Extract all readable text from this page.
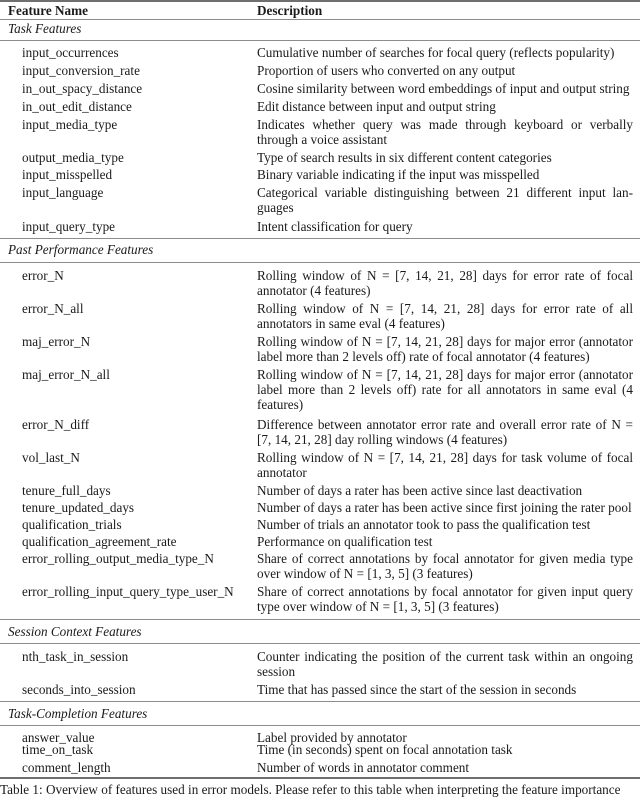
Feature Name	Description
Task Features
input_occurrences	Cumulative number of searches for focal query (reflects popularity)
input_conversion_rate	Proportion of users who converted on any output
in_out_spacy_distance	Cosine similarity between word embeddings of input and output string
in_out_edit_distance	Edit distance between input and output string
input_media_type	Indicates whether query was made through keyboard or verbally through a voice assistant
output_media_type	Type of search results in six different content categories
input_misspelled	Binary variable indicating if the input was misspelled
input_language	Categorical variable distinguishing between 21 different input lan-guages
input_query_type	Intent classification for query
Past Performance Features
error_N	Rolling window of N = [7, 14, 21, 28] days for error rate of focal annotator (4 features)
error_N_all	Rolling window of N = [7, 14, 21, 28] days for error rate of all annotators in same eval (4 features)
maj_error_N	Rolling window of N = [7, 14, 21, 28] days for major error (annotator label more than 2 levels off) rate of focal annotator (4 features)
maj_error_N_all	Rolling window of N = [7, 14, 21, 28] days for major error (annotator label more than 2 levels off) rate for all annotators in same eval (4 features)
error_N_diff	Difference between annotator error rate and overall error rate of N = [7, 14, 21, 28] day rolling windows (4 features)
vol_last_N	Rolling window of N = [7, 14, 21, 28] days for task volume of focal annotator
tenure_full_days	Number of days a rater has been active since last deactivation
tenure_updated_days	Number of days a rater has been active since first joining the rater pool
qualification_trials	Number of trials an annotator took to pass the qualification test
qualification_agreement_rate	Performance on qualification test
error_rolling_output_media_type_N	Share of correct annotations by focal annotator for given media type over window of N = [1, 3, 5] (3 features)
error_rolling_input_query_type_user_N Share of correct annotations by focal annotator for given input query type over window of N = [1, 3, 5] (3 features)
Session Context Features
nth_task_in_session	Counter indicating the position of the current task within an ongoing session
seconds_into_session	Time that has passed since the start of the session in seconds
Task-Completion Features
answer_value	Label provided by annotator
time_on_task	Time (in seconds) spent on focal annotation task
comment_length	Number of words in annotator comment
Table 1: Overview of features used in error models. Please refer to this table when interpreting the feature importance
